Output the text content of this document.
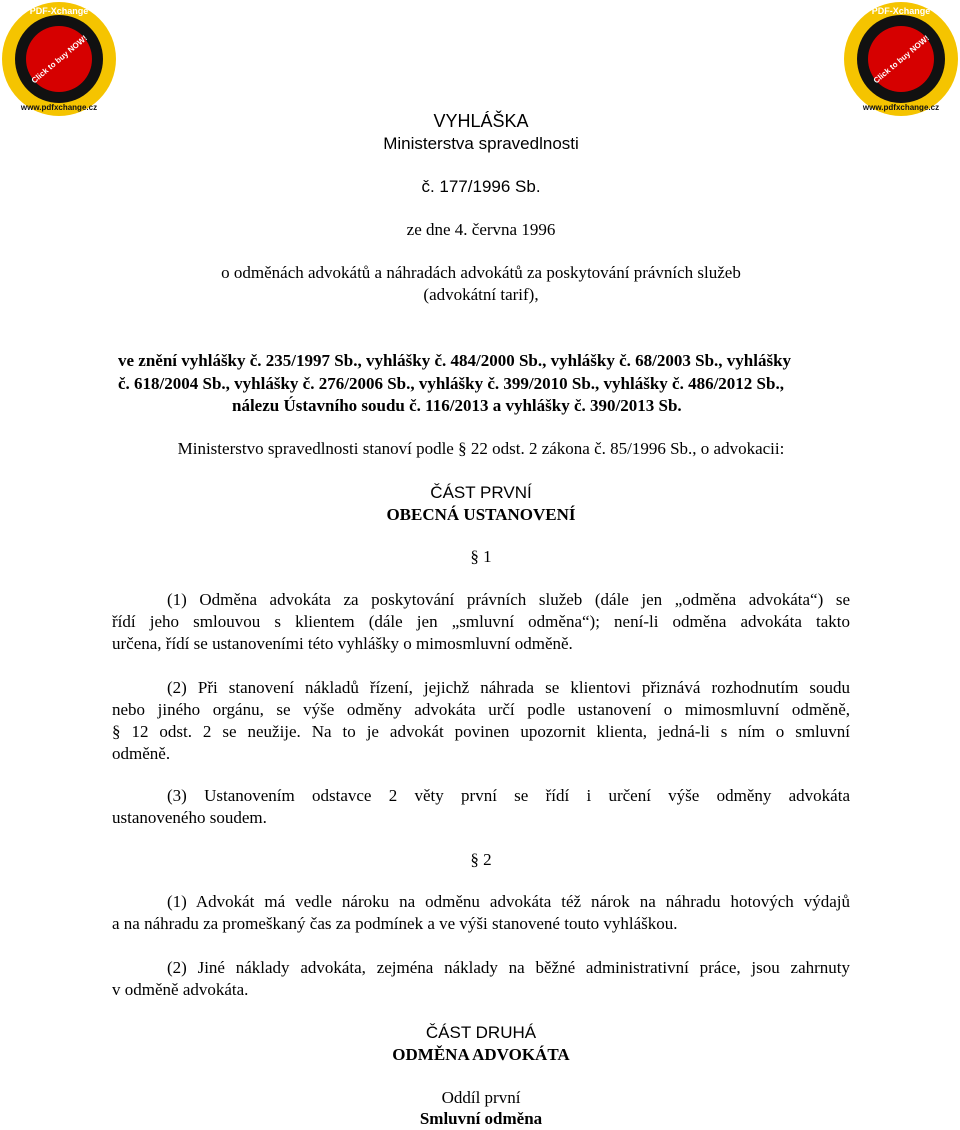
PDF-Xchange
Click to buy NOW!
www.pdfxchange.cz
PDF-Xchange
Click to buy NOW!
www.pdfxchange.cz
VYHLÁŠKA
Ministerstva spravedlnosti
č. 177/1996 Sb.
ze dne 4. června 1996
o odměnách advokátů a náhradách advokátů za poskytování právních služeb
(advokátní tarif),
ve znění vyhlášky č. 235/1997 Sb., vyhlášky č. 484/2000 Sb., vyhlášky č. 68/2003 Sb., vyhlášky
č. 618/2004 Sb., vyhlášky č. 276/2006 Sb., vyhlášky č. 399/2010 Sb., vyhlášky č. 486/2012 Sb.,
nálezu Ústavního soudu č. 116/2013 a vyhlášky č. 390/2013 Sb.
Ministerstvo spravedlnosti stanoví podle § 22 odst. 2 zákona č. 85/1996 Sb., o advokacii:
ČÁST PRVNÍ
OBECNÁ USTANOVENÍ
§ 1
(1) Odměna advokáta za poskytování právních služeb (dále jen „odměna advokáta“) se
řídí jeho smlouvou s klientem (dále jen „smluvní odměna“); není-li odměna advokáta takto
určena, řídí se ustanoveními této vyhlášky o mimosmluvní odměně.
(2) Při stanovení nákladů řízení, jejichž náhrada se klientovi přiznává rozhodnutím soudu
nebo jiného orgánu, se výše odměny advokáta určí podle ustanovení o mimosmluvní odměně,
§ 12 odst. 2 se neužije. Na to je advokát povinen upozornit klienta, jedná-li s ním o smluvní
odměně.
(3) Ustanovením odstavce 2 věty první se řídí i určení výše odměny advokáta
ustanoveného soudem.
§ 2
(1) Advokát má vedle nároku na odměnu advokáta též nárok na náhradu hotových výdajů
a na náhradu za promeškaný čas za podmínek a ve výši stanovené touto vyhláškou.
(2) Jiné náklady advokáta, zejména náklady na běžné administrativní práce, jsou zahrnuty
v odměně advokáta.
ČÁST DRUHÁ
ODMĚNA ADVOKÁTA
Oddíl první
Smluvní odměna
